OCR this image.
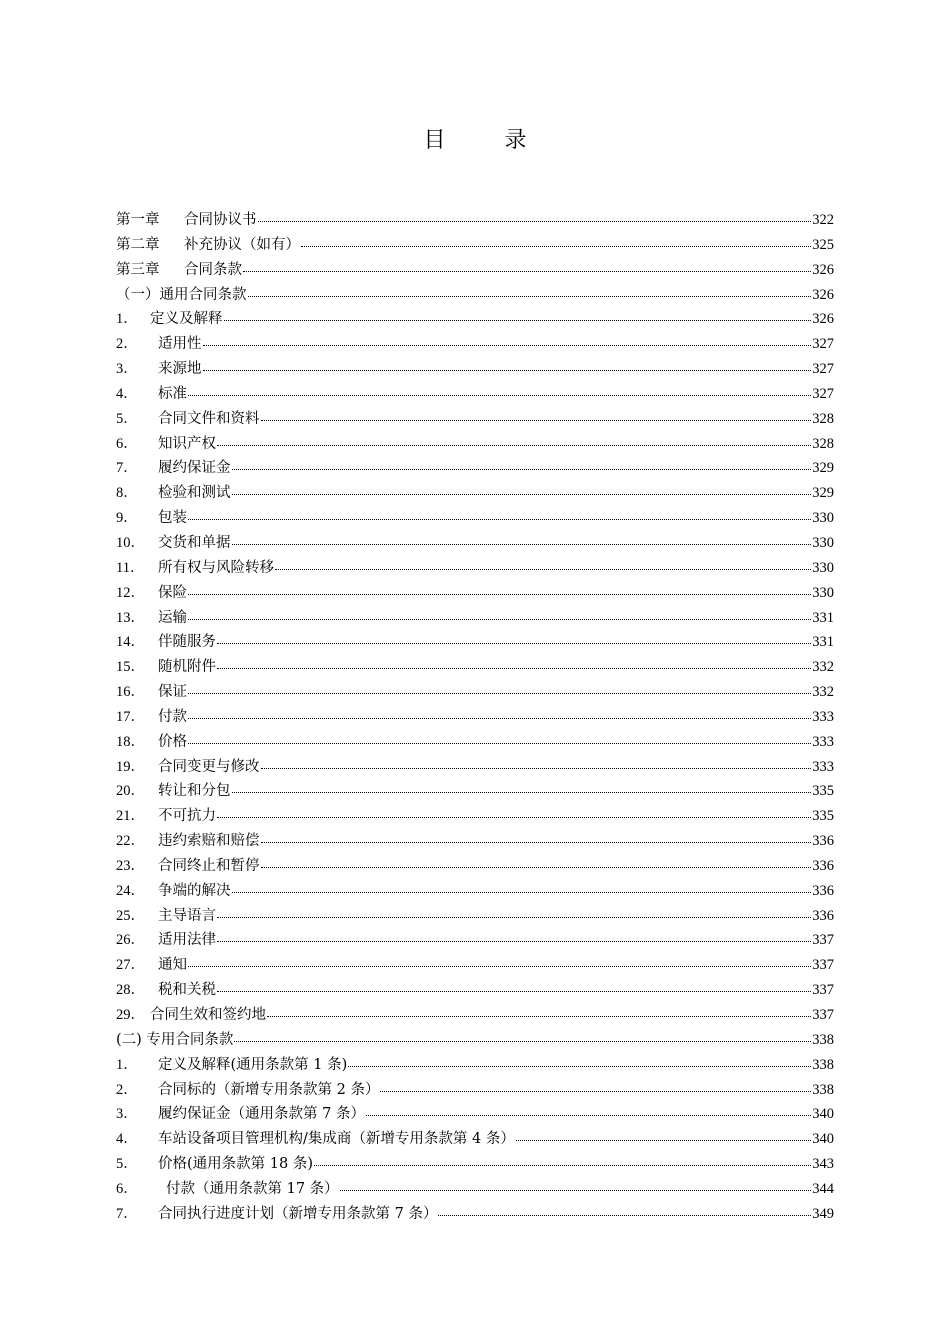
目 录
第一章	合同协议书	322
第二章	补充协议（如有）	325
第三章	合同条款	326
（一）通用合同条款	326
1． 定义及解释	326
2．	适用性	327
3．	来源地	327
4．	标准	327
5．	合同文件和资料	328
6．	知识产权	328
7．	履约保证金	329
8．	检验和测试	329
9．	包装	330
10． 交货和单据	330
11． 所有权与风险转移	330
12． 保险	330
13． 运输	331
14． 伴随服务	331
15． 随机附件	332
16． 保证	332
17． 付款	333
18． 价格	333
19． 合同变更与修改	333
20． 转让和分包	335
21． 不可抗力	335
22． 违约索赔和赔偿	336
23． 合同终止和暂停	336
24． 争端的解决	336
25． 主导语言	336
26． 适用法律	337
27． 通知	337
28． 税和关税	337
29． 合同生效和签约地	337
(二) 专用合同条款	338
1．	定义及解释(通用条款第 1 条)	338
2．	合同标的（新增专用条款第 2 条）	338
3．	履约保证金（通用条款第 7 条）	340
4．	车站设备项目管理机构/集成商（新增专用条款第 4 条）	340
5．	价格(通用条款第 18 条)	343
6．	付款（通用条款第 17 条）	344
7．	合同执行进度计划（新增专用条款第 7 条）	349
